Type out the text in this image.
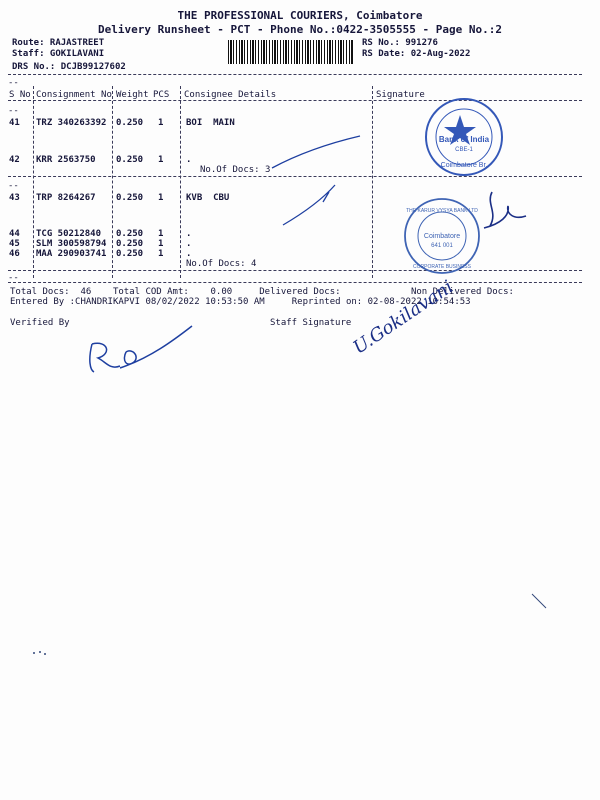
THE PROFESSIONAL COURIERS, Coimbatore
Delivery Runsheet - PCT - Phone No.:0422-3505555 - Page No.:2
Route: RAJASTREET
Staff: GOKILAVANI
DRS No.: DCJB99127602
RS No.: 991276
RS Date: 02-Aug-2022
--
S No Consignment No Weight PCS Consignee Details	Signature
--
41 TRZ 340263392 0.250 1	BOI  MAIN
42 KRR 2563750 0.250 1	.
No.Of Docs: 3
--
43 TRP 8264267 0.250 1	KVB  CBU
44 TCG 50212840 0.250 1	.
45 SLM 300598794 0.250 1	.
46 MAA 290903741 0.250 1	.
No.Of Docs: 4
--
Total Docs:  46    Total COD Amt:    0.00     Delivered Docs:             Non Delivered Docs:
Entered By :CHANDRIKAPVI 08/02/2022 10:53:50 AM     Reprinted on: 02-08-2022 10:54:53
Verified By	Staff Signature
Bank of India
CBE-1
Coimbatore Br.
THE KARUR VYSYA BANK LTD
Coimbatore
641 001
CORPORATE BUSINESS
U.Gokilavani
